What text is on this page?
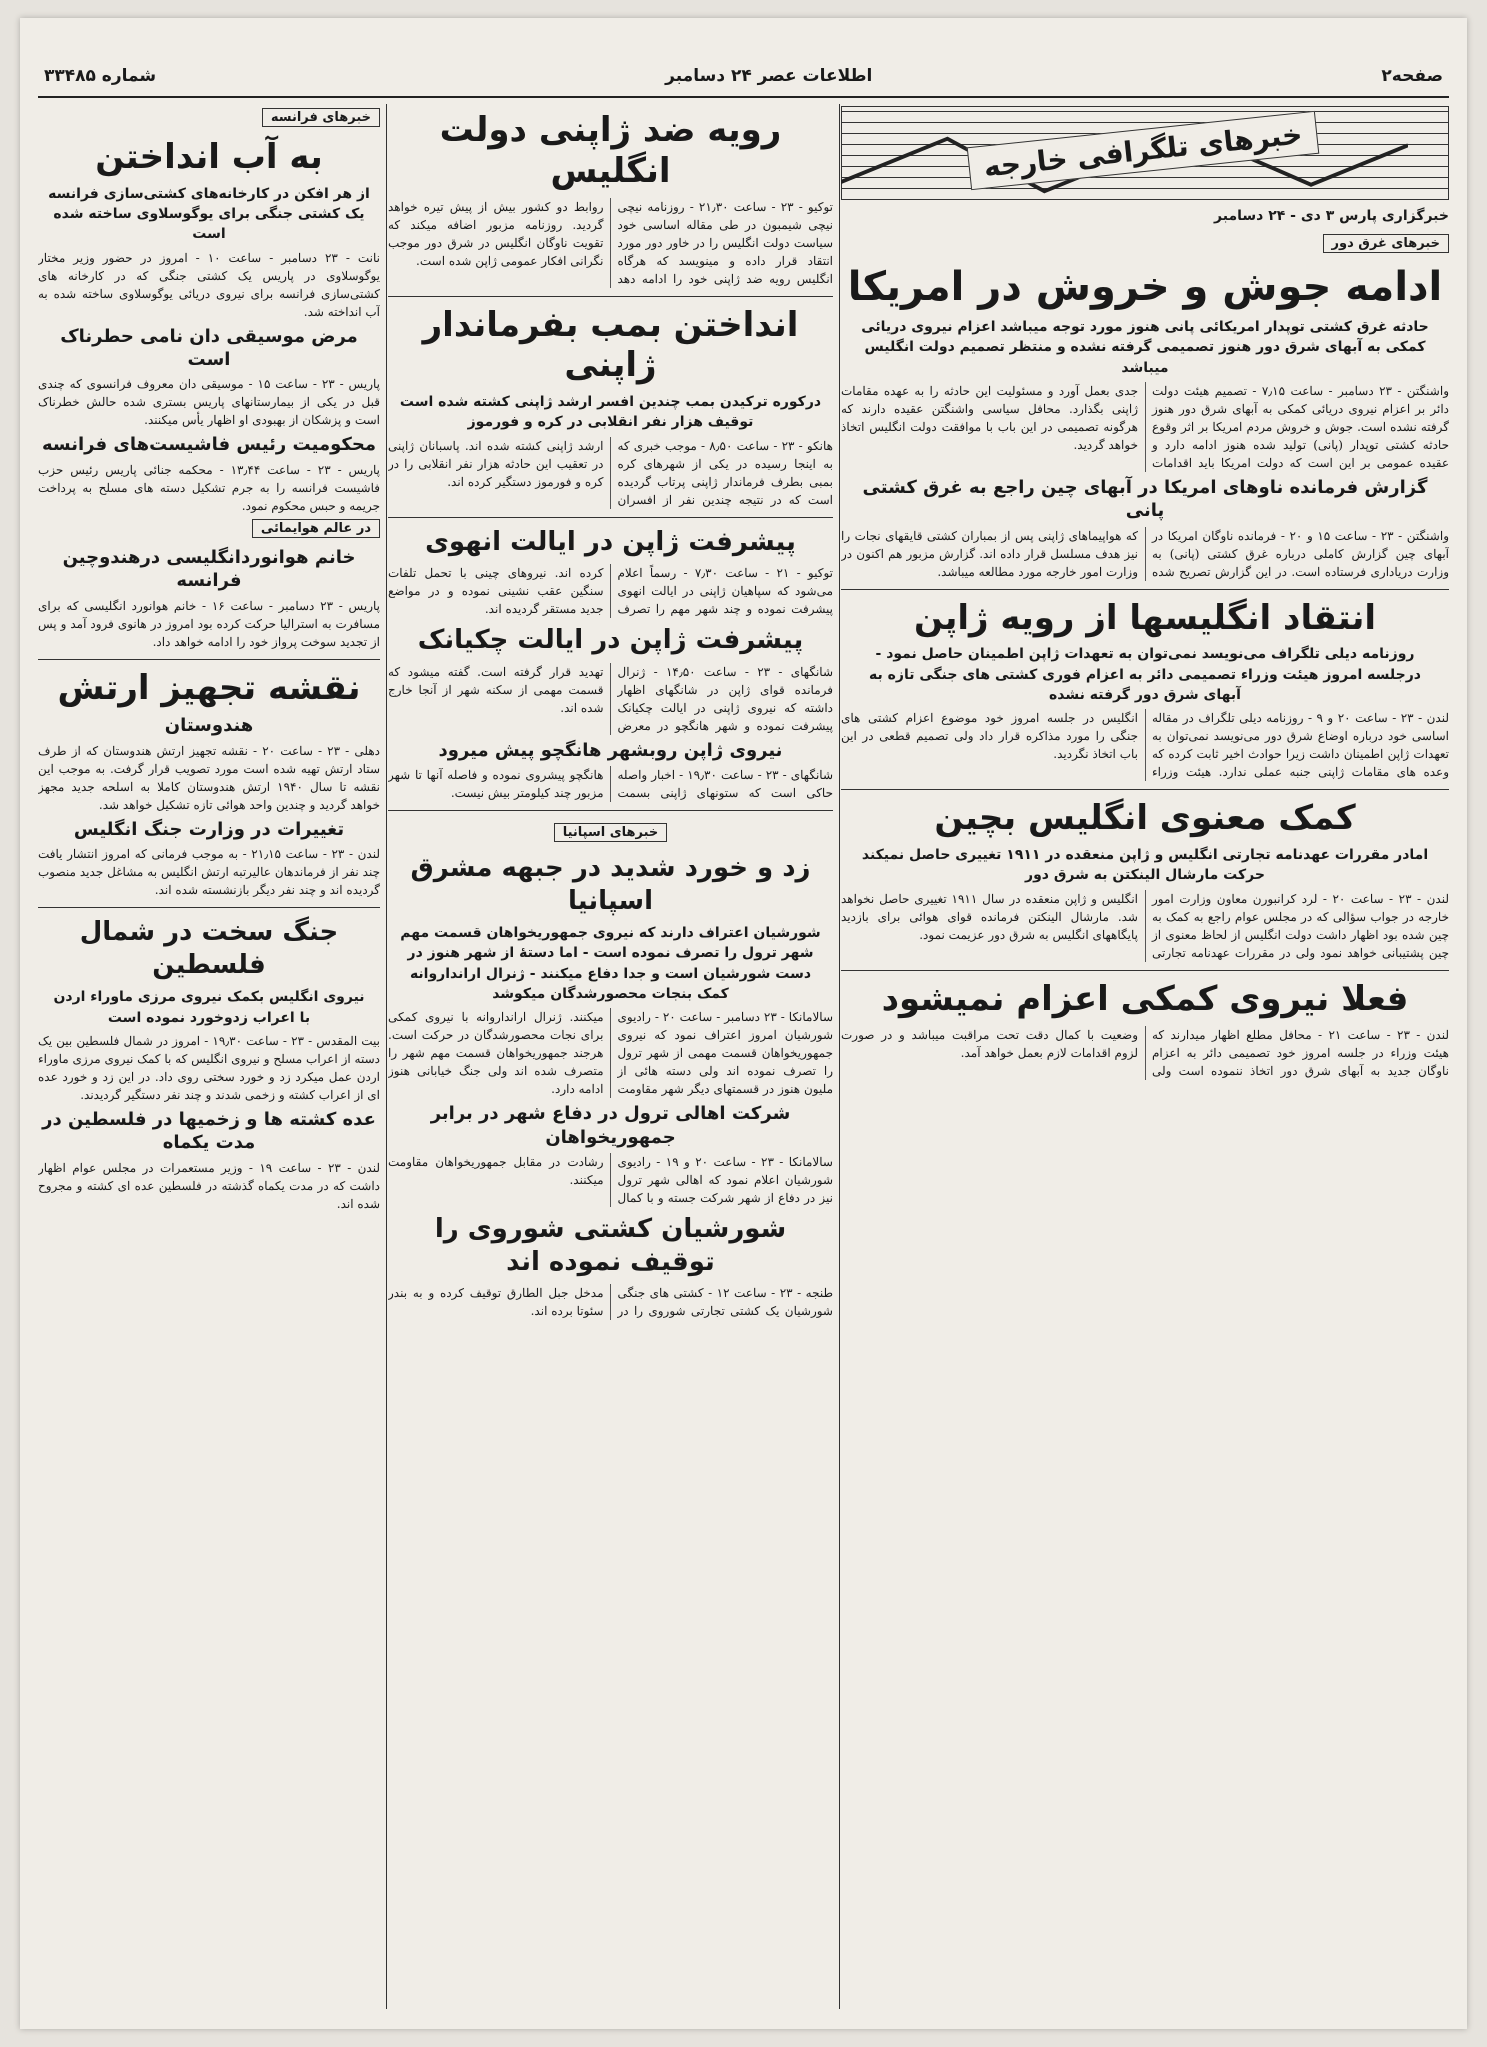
صفحه۲
اطلاعات عصر ۲۴ دسامبر
شماره ۳۳۴۸۵
خبرهای تلگرافی خارجه
خبرگزاری پارس ۳ دی - ۲۴ دسامبر
خبرهای غرق دور
ادامه جوش و خروش در امریکا
حادثه غرق کشتی توپدار امریکائی پانی هنوز مورد توجه میباشد اعزام نیروی دریائی کمکی به آبهای شرق دور هنوز تصمیمی گرفته نشده و منتظر تصمیم دولت انگلیس میباشد
واشنگتن - ۲۳ دسامبر - ساعت ۷٫۱۵ - تصمیم هیئت دولت دائر بر اعزام نیروی دریائی کمکی به آبهای شرق دور هنوز گرفته نشده است. جوش و خروش مردم امریکا بر اثر وقوع حادثه کشتی توپدار (پانی) تولید شده هنوز ادامه دارد و عقیده عمومی بر این است که دولت امریکا باید اقدامات جدی بعمل آورد و مسئولیت این حادثه را به عهده مقامات ژاپنی بگذارد. محافل سیاسی واشنگتن عقیده دارند که هرگونه تصمیمی در این باب با موافقت دولت انگلیس اتخاذ خواهد گردید.
گزارش فرمانده ناوهای امریکا در آبهای چین راجع به غرق کشتی پانی
واشنگتن - ۲۳ - ساعت ۱۵ و ۲۰ - فرمانده ناوگان امریکا در آبهای چین گزارش کاملی درباره غرق کشتی (پانی) به وزارت دریاداری فرستاده است. در این گزارش تصریح شده که هواپیماهای ژاپنی پس از بمباران کشتی قایقهای نجات را نیز هدف مسلسل قرار داده اند. گزارش مزبور هم اکنون در وزارت امور خارجه مورد مطالعه میباشد.
انتقاد انگلیسها از رویه ژاپن
روزنامه دیلی تلگراف می‌نویسد نمی‌توان به تعهدات ژاپن اطمینان حاصل نمود - درجلسه امروز هیئت وزراء تصمیمی دائر به اعزام فوری کشتی های جنگی تازه به آبهای شرق دور گرفته نشده
لندن - ۲۳ - ساعت ۲۰ و ۹ - روزنامه دیلی تلگراف در مقاله اساسی خود درباره اوضاع شرق دور می‌نویسد نمی‌توان به تعهدات ژاپن اطمینان داشت زیرا حوادث اخیر ثابت کرده که وعده های مقامات ژاپنی جنبه عملی ندارد. هیئت وزراء انگلیس در جلسه امروز خود موضوع اعزام کشتی های جنگی را مورد مذاکره قرار داد ولی تصمیم قطعی در این باب اتخاذ نگردید.
کمک معنوی انگلیس بچین
امادر مقررات عهدنامه تجارتی انگلیس و ژاپن منعقده در ۱۹۱۱ تغییری حاصل نمیکند حرکت مارشال الینکتن به شرق دور
لندن - ۲۳ - ساعت ۲۰ - لرد کرانبورن معاون وزارت امور خارجه در جواب سؤالی که در مجلس عوام راجع به کمک به چین شده بود اظهار داشت دولت انگلیس از لحاظ معنوی از چین پشتیبانی خواهد نمود ولی در مقررات عهدنامه تجارتی انگلیس و ژاپن منعقده در سال ۱۹۱۱ تغییری حاصل نخواهد شد. مارشال الینکتن فرمانده قوای هوائی برای بازدید پایگاههای انگلیس به شرق دور عزیمت نمود.
فعلا نیروی کمکی اعزام نمیشود
لندن - ۲۳ - ساعت ۲۱ - محافل مطلع اظهار میدارند که هیئت وزراء در جلسه امروز خود تصمیمی دائر به اعزام ناوگان جدید به آبهای شرق دور اتخاذ ننموده است ولی وضعیت با کمال دقت تحت مراقبت میباشد و در صورت لزوم اقدامات لازم بعمل خواهد آمد.
رویه ضد ژاپنی دولت انگلیس
توکیو - ۲۳ - ساعت ۲۱٫۳۰ - روزنامه نیچی نیچی شیمبون در طی مقاله اساسی خود سیاست دولت انگلیس را در خاور دور مورد انتقاد قرار داده و مینویسد که هرگاه انگلیس رویه ضد ژاپنی خود را ادامه دهد روابط دو کشور بیش از پیش تیره خواهد گردید. روزنامه مزبور اضافه میکند که تقویت ناوگان انگلیس در شرق دور موجب نگرانی افکار عمومی ژاپن شده است.
انداختن بمب بفرماندار ژاپنی
درکوره ترکیدن بمب چندین افسر ارشد ژاپنی کشته شده است توقیف هزار نفر انقلابی در کره و فورموز
هانکو - ۲۳ - ساعت ۸٫۵۰ - موجب خبری که به اینجا رسیده در یکی از شهرهای کره بمبی بطرف فرماندار ژاپنی پرتاب گردیده است که در نتیجه چندین نفر از افسران ارشد ژاپنی کشته شده اند. پاسبانان ژاپنی در تعقیب این حادثه هزار نفر انقلابی را در کره و فورموز دستگیر کرده اند.
پیشرفت ژاپن در ایالت انهوی
توکیو - ۲۱ - ساعت ۷٫۳۰ - رسماً اعلام می‌شود که سپاهیان ژاپنی در ایالت انهوی پیشرفت نموده و چند شهر مهم را تصرف کرده اند. نیروهای چینی با تحمل تلفات سنگین عقب نشینی نموده و در مواضع جدید مستقر گردیده اند.
پیشرفت ژاپن در ایالت چکیانک
شانگهای - ۲۳ - ساعت ۱۴٫۵۰ - ژنرال فرمانده قوای ژاپن در شانگهای اظهار داشته که نیروی ژاپنی در ایالت چکیانک پیشرفت نموده و شهر هانگچو در معرض تهدید قرار گرفته است. گفته میشود که قسمت مهمی از سکنه شهر از آنجا خارج شده اند.
نیروی ژاپن روبشهر هانگچو پیش میرود
شانگهای - ۲۳ - ساعت ۱۹٫۳۰ - اخبار واصله حاکی است که ستونهای ژاپنی بسمت هانگچو پیشروی نموده و فاصله آنها تا شهر مزبور چند کیلومتر بیش نیست.
خبرهای اسپانیا
زد و خورد شدید در جبهه مشرق اسپانیا
شورشیان اعتراف دارند که نیروی جمهوریخواهان قسمت مهم شهر ترول را تصرف نموده است - اما دستهٔ از شهر هنوز در دست شورشیان است و جدا دفاع میکنند - ژنرال ارانداروانه کمک بنجات محصورشدگان میکوشد
سالامانکا - ۲۳ دسامبر - ساعت ۲۰ - رادیوی شورشیان امروز اعتراف نمود که نیروی جمهوریخواهان قسمت مهمی از شهر ترول را تصرف نموده اند ولی دسته هائی از ملیون هنوز در قسمتهای دیگر شهر مقاومت میکنند. ژنرال ارانداروانه با نیروی کمکی برای نجات محصورشدگان در حرکت است. هرجند جمهوریخواهان قسمت مهم شهر را متصرف شده اند ولی جنگ خیابانی هنوز ادامه دارد.
شرکت اهالی ترول در دفاع شهر در برابر جمهوریخواهان
سالامانکا - ۲۳ - ساعت ۲۰ و ۱۹ - رادیوی شورشیان اعلام نمود که اهالی شهر ترول نیز در دفاع از شهر شرکت جسته و با کمال رشادت در مقابل جمهوریخواهان مقاومت میکنند.
شورشیان کشتی شوروی را توقیف نموده اند
طنجه - ۲۳ - ساعت ۱۲ - کشتی های جنگی شورشیان یک کشتی تجارتی شوروی را در مدخل جبل الطارق توقیف کرده و به بندر سئوتا برده اند.
خبرهای فرانسه
به آب انداختن
از هر افکن در کارخانه‌های کشتی‌سازی فرانسه یک کشتی جنگی برای یوگوسلاوی ساخته شده است
نانت - ۲۳ دسامبر - ساعت ۱۰ - امروز در حضور وزیر مختار یوگوسلاوی در پاریس یک کشتی جنگی که در کارخانه های کشتی‌سازی فرانسه برای نیروی دریائی یوگوسلاوی ساخته شده به آب انداخته شد.
مرض موسیقی دان نامی حطرنا‌ک است
پاریس - ۲۳ - ساعت ۱۵ - موسیقی دان معروف فرانسوی که چندی قبل در یکی از بیمارستانهای پاریس بستری شده حالش خطرناک است و پزشکان از بهبودی او اظهار یأس میکنند.
محکومیت رئیس فاشیست‌های فرانسه
پاریس - ۲۳ - ساعت ۱۳٫۴۴ - محکمه جنائی پاریس رئیس حزب فاشیست فرانسه را به جرم تشکیل دسته های مسلح به پرداخت جریمه و حبس محکوم نمود.
در عالم هوایمائی
خانم هوانوردانگلیسی درهندوچین فرانسه
پاریس - ۲۳ دسامبر - ساعت ۱۶ - خانم هوانورد انگلیسی که برای مسافرت به استرالیا حرکت کرده بود امروز در هانوی فرود آمد و پس از تجدید سوخت پرواز خود را ادامه خواهد داد.
نقشه تجهیز ارتش
هندوستان
دهلی - ۲۳ - ساعت ۲۰ - نقشه تجهیز ارتش هندوستان که از طرف ستاد ارتش تهیه شده است مورد تصویب قرار گرفت. به موجب این نقشه تا سال ۱۹۴۰ ارتش هندوستان کاملا به اسلحه جدید مجهز خواهد گردید و چندین واحد هوائی تازه تشکیل خواهد شد.
تغییرات در وزارت جنگ انگلیس
لندن - ۲۳ - ساعت ۲۱٫۱۵ - به موجب فرمانی که امروز انتشار یافت چند نفر از فرماندهان عالیرتبه ارتش انگلیس به مشاغل جدید منصوب گردیده اند و چند نفر دیگر بازنشسته شده اند.
جنگ سخت در شمال فلسطین
نیروی انگلیس بکمک نیروی مرزی ماوراء اردن با اعراب زدوخورد نموده است
بیت المقدس - ۲۳ - ساعت ۱۹٫۳۰ - امروز در شمال فلسطین بین یک دسته از اعراب مسلح و نیروی انگلیس که با کمک نیروی مرزی ماوراء اردن عمل میکرد زد و خورد سختی روی داد. در این زد و خورد عده ای از اعراب کشته و زخمی شدند و چند نفر دستگیر گردیدند.
عده کشته ها و زخمیها در فلسطین در مدت یکماه
لندن - ۲۳ - ساعت ۱۹ - وزیر مستعمرات در مجلس عوام اظهار داشت که در مدت یکماه گذشته در فلسطین عده ای کشته و مجروح شده اند.
